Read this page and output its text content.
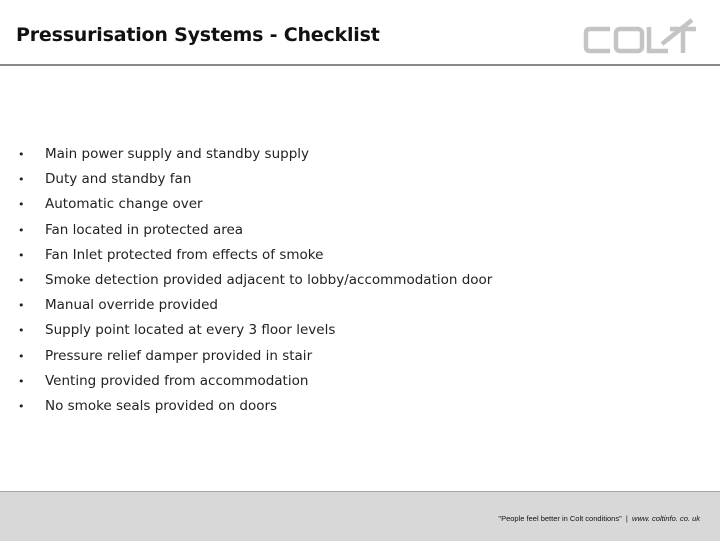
Pressurisation Systems - Checklist
• Main power supply and standby supply
• Duty and standby fan
• Automatic change over
• Fan located in protected area
• Fan Inlet protected from effects of smoke
• Smoke detection provided adjacent to lobby/accommodation door
• Manual override provided
• Supply point located at every 3 floor levels
• Pressure relief damper provided in stair
• Venting provided from accommodation
• No smoke seals provided on doors
"People feel better in Colt conditions" | www. coltinfo. co. uk
